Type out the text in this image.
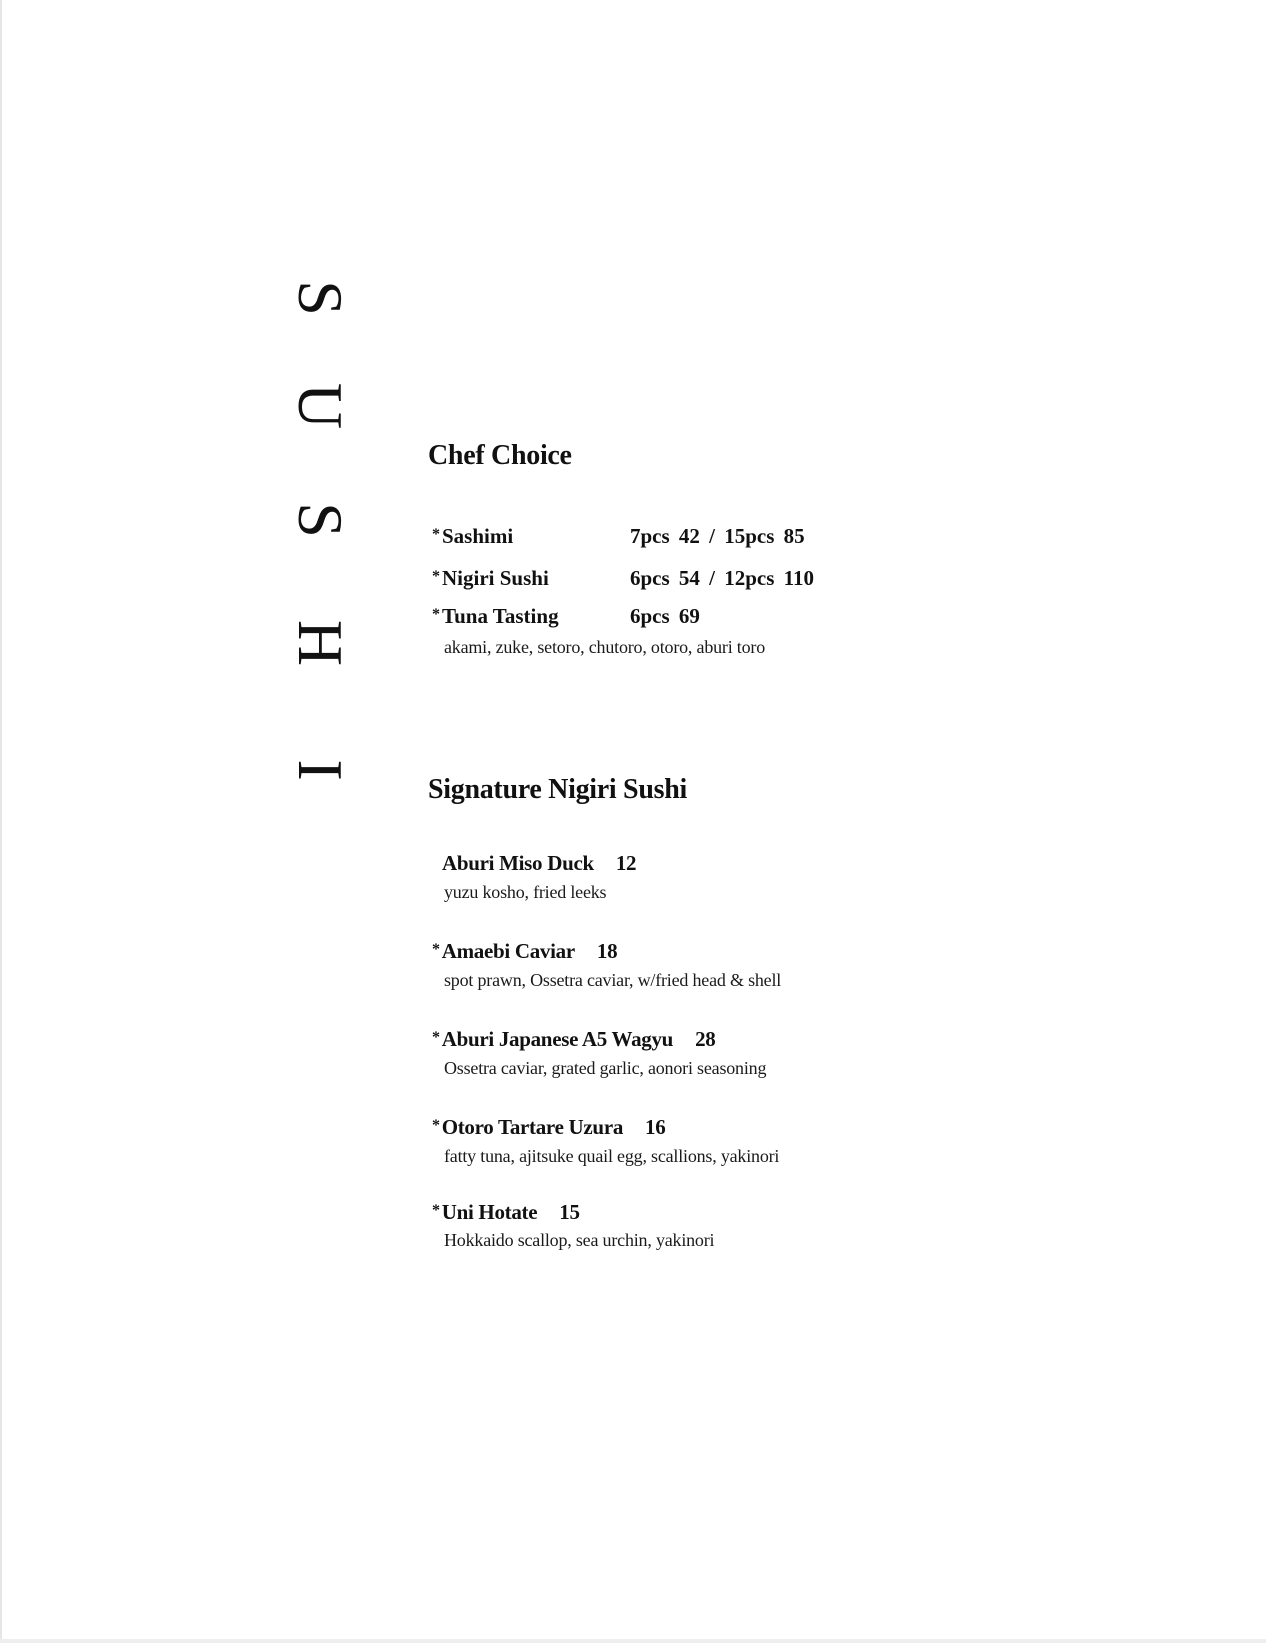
S
U
S
H
I
Chef Choice
*Sashimi	7pcs 42 / 15pcs 85
*Nigiri Sushi	6pcs 54 / 12pcs 110
*Tuna Tasting	6pcs 69
akami, zuke, setoro, chutoro, otoro, aburi toro
Signature Nigiri Sushi
Aburi Miso Duck 12
yuzu kosho, fried leeks
*Amaebi Caviar 18
spot prawn, Ossetra caviar, w/fried head & shell
*Aburi Japanese A5 Wagyu 28
Ossetra caviar, grated garlic, aonori seasoning
*Otoro Tartare Uzura 16
fatty tuna, ajitsuke quail egg, scallions, yakinori
*Uni Hotate 15
Hokkaido scallop, sea urchin, yakinori
